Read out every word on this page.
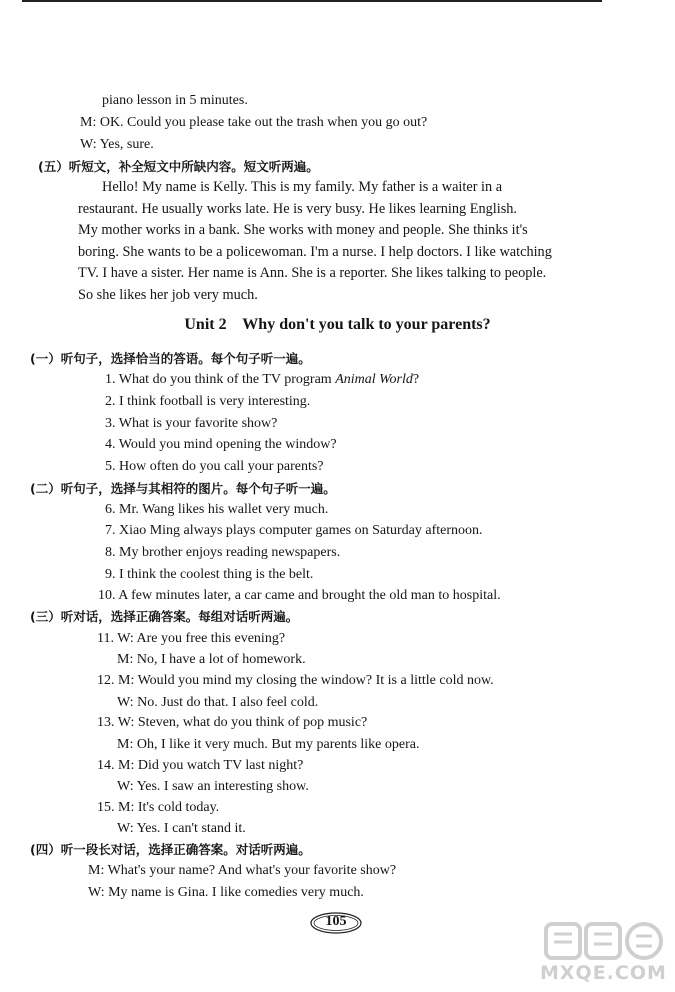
piano lesson in 5 minutes.
M: OK. Could you please take out the trash when you go out?
W: Yes, sure.
(五）听短文，补全短文中所缺内容。短文听两遍。
Hello! My name is Kelly. This is my family. My father is a waiter in a
restaurant. He usually works late. He is very busy. He likes learning English.
My mother works in a bank. She works with money and people. She thinks it's
boring. She wants to be a policewoman. I'm a nurse. I help doctors. I like watching
TV. I have a sister. Her name is Ann. She is a reporter. She likes talking to people.
So she likes her job very much.
Unit 2    Why don't you talk to your parents?
(一）听句子，选择恰当的答语。每个句子听一遍。
1. What do you think of the TV program Animal World?
2. I think football is very interesting.
3. What is your favorite show?
4. Would you mind opening the window?
5. How often do you call your parents?
(二）听句子，选择与其相符的图片。每个句子听一遍。
6. Mr. Wang likes his wallet very much.
7. Xiao Ming always plays computer games on Saturday afternoon.
8. My brother enjoys reading newspapers.
9. I think the coolest thing is the belt.
10. A few minutes later, a car came and brought the old man to hospital.
(三）听对话，选择正确答案。每组对话听两遍。
11. W: Are you free this evening?
M: No, I have a lot of homework.
12. M: Would you mind my closing the window? It is a little cold now.
W: No. Just do that. I also feel cold.
13. W: Steven, what do you think of pop music?
M: Oh, I like it very much. But my parents like opera.
14. M: Did you watch TV last night?
W: Yes. I saw an interesting show.
15. M: It's cold today.
W: Yes. I can't stand it.
(四）听一段长对话，选择正确答案。对话听两遍。
M: What's your name? And what's your favorite show?
W: My name is Gina. I like comedies very much.
105
MXQE.COM
